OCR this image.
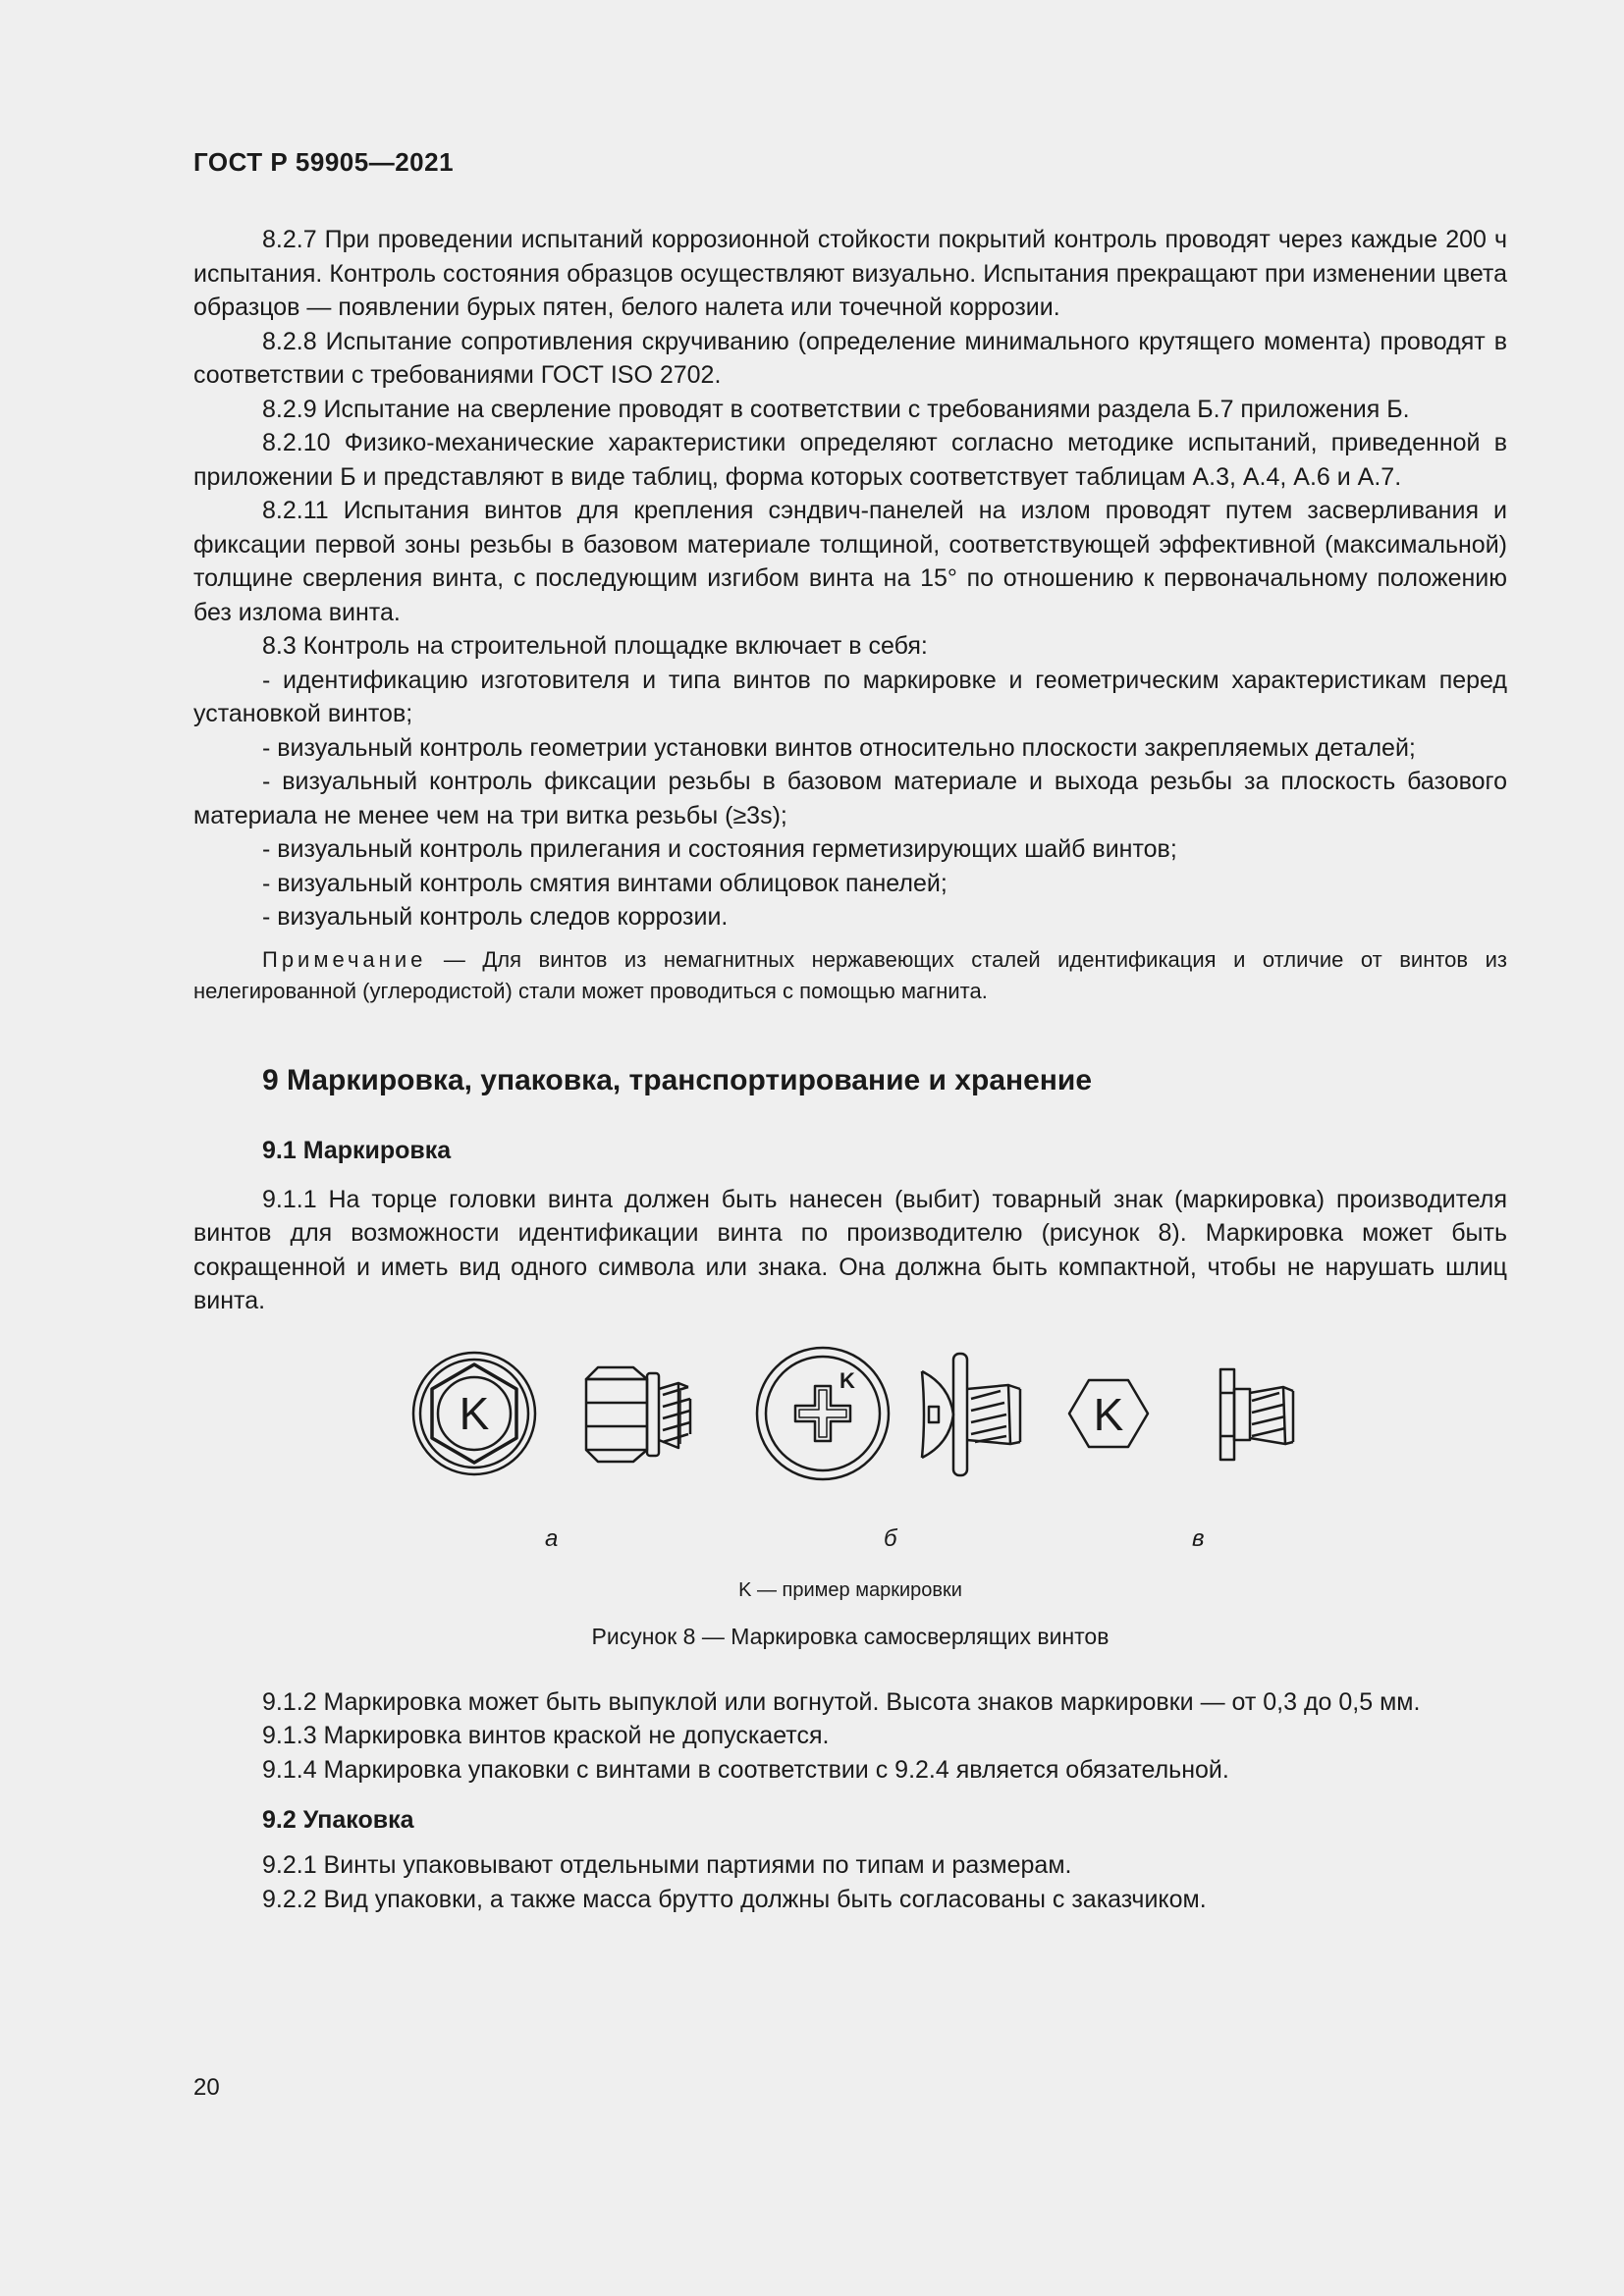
ГОСТ Р 59905—2021

8.2.7 При проведении испытаний коррозионной стойкости покрытий контроль проводят через каждые 200 ч испытания. Контроль состояния образцов осуществляют визуально. Испытания прекращают при изменении цвета образцов — появлении бурых пятен, белого налета или точечной коррозии.

8.2.8 Испытание сопротивления скручиванию (определение минимального крутящего момента) проводят в соответствии с требованиями ГОСТ ISO 2702.

8.2.9 Испытание на сверление проводят в соответствии с требованиями раздела Б.7 приложения Б.

8.2.10 Физико-механические характеристики определяют согласно методике испытаний, приведенной в приложении Б и представляют в виде таблиц, форма которых соответствует таблицам А.3, А.4, А.6 и А.7.

8.2.11 Испытания винтов для крепления сэндвич-панелей на излом проводят путем засверливания и фиксации первой зоны резьбы в базовом материале толщиной, соответствующей эффективной (максимальной) толщине сверления винта, с последующим изгибом винта на 15° по отношению к первоначальному положению без излома винта.

8.3 Контроль на строительной площадке включает в себя:

- идентификацию изготовителя и типа винтов по маркировке и геометрическим характеристикам перед установкой винтов;

- визуальный контроль геометрии установки винтов относительно плоскости закрепляемых деталей;

- визуальный контроль фиксации резьбы в базовом материале и выхода резьбы за плоскость базового материала не менее чем на три витка резьбы (≥3s);

- визуальный контроль прилегания и состояния герметизирующих шайб винтов;

- визуальный контроль смятия винтами облицовок панелей;

- визуальный контроль следов коррозии.

Примечание — Для винтов из немагнитных нержавеющих сталей идентификация и отличие от винтов из нелегированной (углеродистой) стали может проводиться с помощью магнита.

9 Маркировка, упаковка, транспортирование и хранение
9.1 Маркировка

9.1.1 На торце головки винта должен быть нанесен (выбит) товарный знак (маркировка) производителя винтов для возможности идентификации винта по производителю (рисунок 8). Маркировка может быть сокращенной и иметь вид одного символа или знака. Она должна быть компактной, чтобы не нарушать шлиц винта.

K
K
K
а	б	в

K — пример маркировки

Рисунок 8 — Маркировка самосверлящих винтов

9.1.2 Маркировка может быть выпуклой или вогнутой. Высота знаков маркировки — от 0,3 до 0,5 мм.

9.1.3 Маркировка винтов краской не допускается.

9.1.4 Маркировка упаковки с винтами в соответствии с 9.2.4 является обязательной.

9.2 Упаковка

9.2.1 Винты упаковывают отдельными партиями по типам и размерам.

9.2.2 Вид упаковки, а также масса брутто должны быть согласованы с заказчиком.

20
